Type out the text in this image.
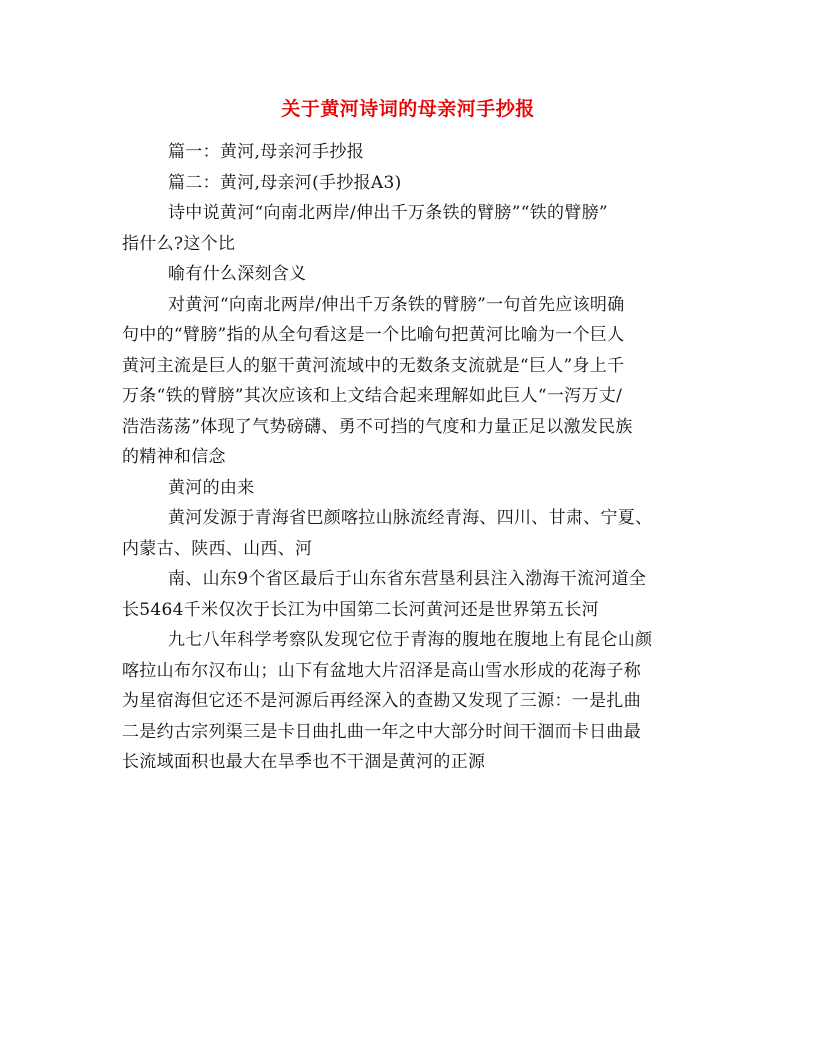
关于黄河诗词的母亲河手抄报
篇一：黄河,母亲河手抄报
篇二：黄河,母亲河(手抄报A3)
诗中说黄河“向南北两岸/伸出千万条铁的臂膀”“铁的臂膀”
指什么?这个比
喻有什么深刻含义
对黄河“向南北两岸/伸出千万条铁的臂膀”一句首先应该明确
句中的“臂膀”指的从全句看这是一个比喻句把黄河比喻为一个巨人
黄河主流是巨人的躯干黄河流域中的无数条支流就是“巨人”身上千
万条“铁的臂膀”其次应该和上文结合起来理解如此巨人“一泻万丈/
浩浩荡荡”体现了气势磅礴、勇不可挡的气度和力量正足以激发民族
的精神和信念
黄河的由来
黄河发源于青海省巴颜喀拉山脉流经青海、四川、甘肃、宁夏、
内蒙古、陕西、山西、河
南、山东9个省区最后于山东省东营垦利县注入渤海干流河道全
长5464千米仅次于长江为中国第二长河黄河还是世界第五长河
九七八年科学考察队发现它位于青海的腹地在腹地上有昆仑山颜
喀拉山布尔汉布山；山下有盆地大片沼泽是高山雪水形成的花海子称
为星宿海但它还不是河源后再经深入的查勘又发现了三源：一是扎曲
二是约古宗列渠三是卡日曲扎曲一年之中大部分时间干涸而卡日曲最
长流域面积也最大在旱季也不干涸是黄河的正源
